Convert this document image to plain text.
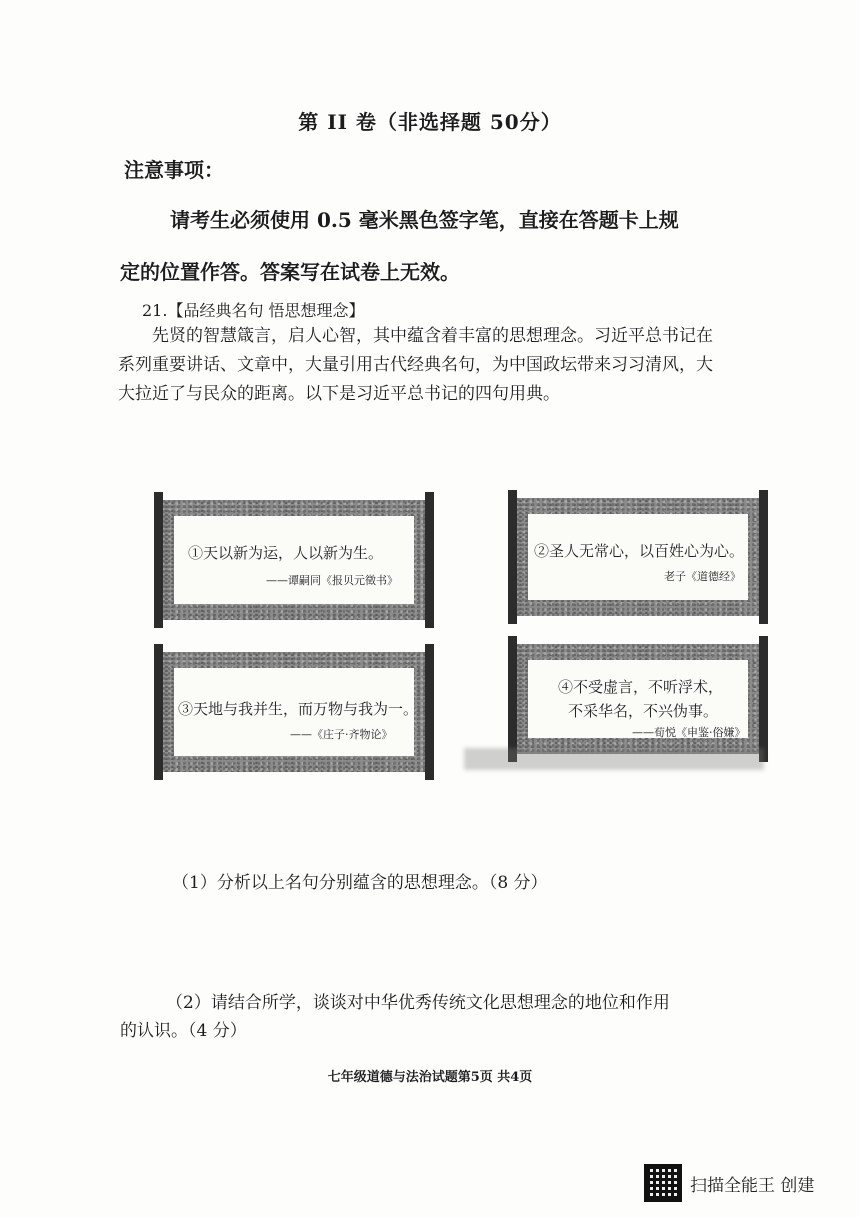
第 II 卷（非选择题 50分）
注意事项：
请考生必须使用 0.5 毫米黑色签字笔，直接在答题卡上规
定的位置作答。答案写在试卷上无效。
21.【品经典名句 悟思想理念】
先贤的智慧箴言，启人心智，其中蕴含着丰富的思想理念。习近平总书记在系列重要讲话、文章中，大量引用古代经典名句，为中国政坛带来习习清风，大大拉近了与民众的距离。以下是习近平总书记的四句用典。
①天以新为运，人以新为生。
——谭嗣同《报贝元徵书》
②圣人无常心，以百姓心为心。
老子《道德经》
③天地与我并生，而万物与我为一。
——《庄子·齐物论》
④不受虚言，不听浮术，
不采华名，不兴伪事。
——荀悦《申鉴·俗嫌》
（1）分析以上名句分别蕴含的思想理念。（8 分）
（2）请结合所学，谈谈对中华优秀传统文化思想理念的地位和作用
的认识。（4 分）
七年级道德与法治试题第5页 共4页
扫描全能王 创建
